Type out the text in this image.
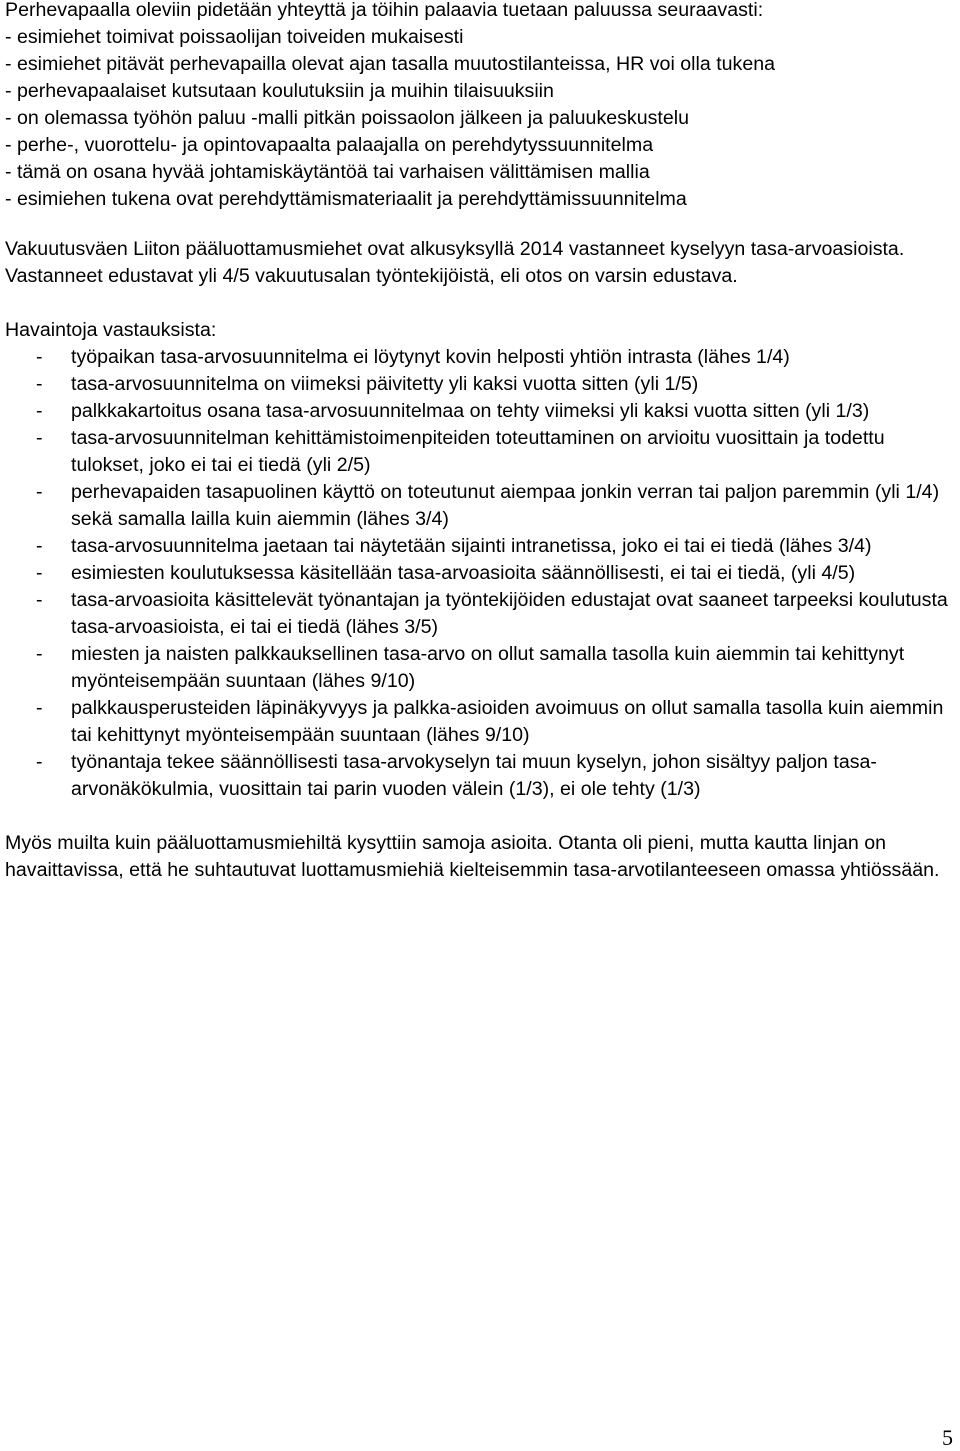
Perhevapaalla oleviin pidetään yhteyttä ja töihin palaavia tuetaan paluussa seuraavasti:
- esimiehet toimivat poissaolijan toiveiden mukaisesti
- esimiehet pitävät perhevapailla olevat ajan tasalla muutostilanteissa, HR voi olla tukena
- perhevapaalaiset kutsutaan koulutuksiin ja muihin tilaisuuksiin
- on olemassa työhön paluu -malli pitkän poissaolon jälkeen ja paluukeskustelu
- perhe-, vuorottelu- ja opintovapaalta palaajalla on perehdytyssuunnitelma
- tämä on osana hyvää johtamiskäytäntöä tai varhaisen välittämisen mallia
- esimiehen tukena ovat perehdyttämismateriaalit ja perehdyttämissuunnitelma

Vakuutusväen Liiton pääluottamusmiehet ovat alkusyksyllä 2014 vastanneet kyselyyn tasa-arvoasioista. Vastanneet edustavat yli 4/5 vakuutusalan työntekijöistä, eli otos on varsin edustava.

Havaintoja vastauksista:
- työpaikan tasa-arvosuunnitelma ei löytynyt kovin helposti yhtiön intrasta (lähes 1/4)
- tasa-arvosuunnitelma on viimeksi päivitetty yli kaksi vuotta sitten (yli 1/5)
- palkkakartoitus osana tasa-arvosuunnitelmaa on tehty viimeksi yli kaksi vuotta sitten (yli 1/3)
- tasa-arvosuunnitelman kehittämistoimenpiteiden toteuttaminen on arvioitu vuosittain ja todettu tulokset, joko ei tai ei tiedä (yli 2/5)
- perhevapaiden tasapuolinen käyttö on toteutunut aiempaa jonkin verran tai paljon paremmin (yli 1/4) sekä samalla lailla kuin aiemmin (lähes 3/4)
- tasa-arvosuunnitelma jaetaan tai näytetään sijainti intranetissa, joko ei tai ei tiedä (lähes 3/4)
- esimiesten koulutuksessa käsitellään tasa-arvoasioita säännöllisesti, ei tai ei tiedä, (yli 4/5)
- tasa-arvoasioita käsittelevät työnantajan ja työntekijöiden edustajat ovat saaneet tarpeeksi koulutusta tasa-arvoasioista, ei tai ei tiedä (lähes 3/5)
- miesten ja naisten palkkauksellinen tasa-arvo on ollut samalla tasolla kuin aiemmin tai kehittynyt myönteisempään suuntaan (lähes 9/10)
- palkkausperusteiden läpinäkyvyys ja palkka-asioiden avoimuus on ollut samalla tasolla kuin aiemmin tai kehittynyt myönteisempään suuntaan (lähes 9/10)
- työnantaja tekee säännöllisesti tasa-arvokyselyn tai muun kyselyn, johon sisältyy paljon tasa-arvonäkökulmia, vuosittain tai parin vuoden välein (1/3), ei ole tehty (1/3)

Myös muilta kuin pääluottamusmiehiltä kysyttiin samoja asioita. Otanta oli pieni, mutta kautta linjan on havaittavissa, että he suhtautuvat luottamusmiehiä kielteisemmin tasa-arvotilanteeseen omassa yhtiössään.

5
